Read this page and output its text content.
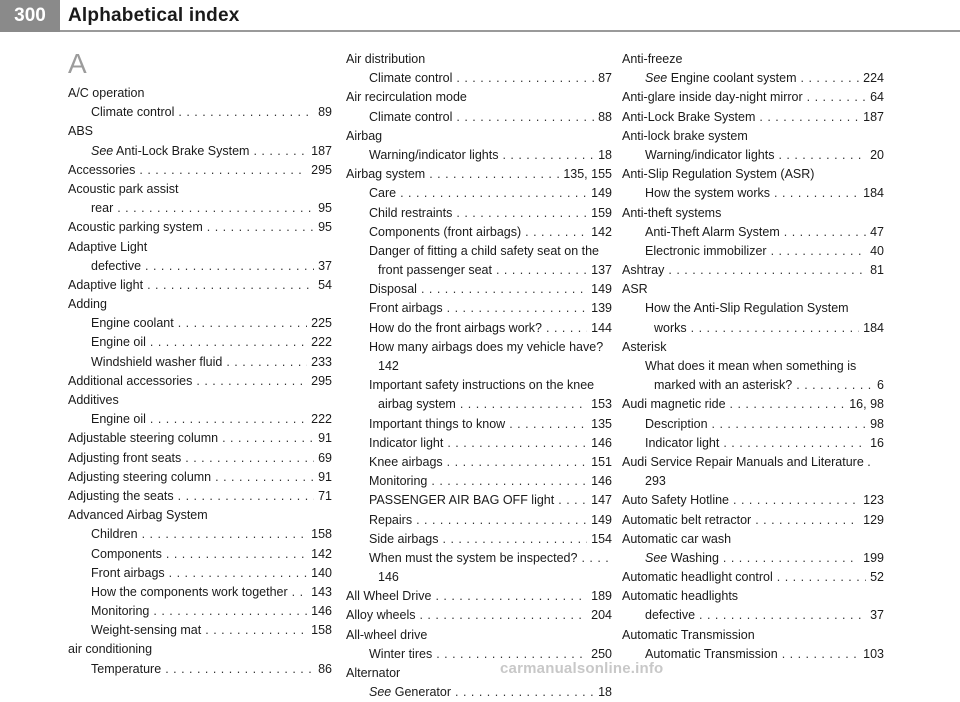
300 Alphabetical index
A
A/C operation
Climate control . . .	89
ABS
See Anti-Lock Brake System . . .	187
Accessories . . .	295
Acoustic park assist
rear . . .	95
Acoustic parking system . . .	95
Adaptive Light
defective . . .	37
Adaptive light . . .	54
Adding
Engine coolant . . .	225
Engine oil . . .	222
Windshield washer fluid . . .	233
Additional accessories . . .	295
Additives
Engine oil . . .	222
Adjustable steering column . . .	91
Adjusting front seats . . .	69
Adjusting steering column . . .	91
Adjusting the seats . . .	71
Advanced Airbag System
Children . . .	158
Components . . .	142
Front airbags . . .	140
How the components work together . . . 143
Monitoring . . .	146
Weight-sensing mat . . .	158
air conditioning
Temperature . . .	86
Air distribution
Climate control . . .	87
Air recirculation mode
Climate control . . .	88
Airbag
Warning/indicator lights . . .	18
Airbag system . . .	135, 155
Care . . .	149
Child restraints . . .	159
Components (front airbags) . . .	142
Danger of fitting a child safety seat on the
front passenger seat . . .	137
Disposal . . .	149
Front airbags . . .	139
How do the front airbags work? . . .	144
How many airbags does my vehicle have?
142
Important safety instructions on the knee
airbag system . . .	153
Important things to know . . .	135
Indicator light . . .	146
Knee airbags . . .	151
Monitoring . . .	146
PASSENGER AIR BAG OFF light . . .	147
Repairs . . .	149
Side airbags . . .	154
When must the system be inspected?
. . .
146
All Wheel Drive . . .	189
Alloy wheels . . .	204
All-wheel drive
Winter tires . . .	250
Alternator
See Generator . . .	18
Anti-freeze
See Engine coolant system . . .	224
Anti-glare inside day-night mirror . . .	64
Anti-Lock Brake System . . .	187
Anti-lock brake system
Warning/indicator lights . . .	20
Anti-Slip Regulation System (ASR)
How the system works . . .	184
Anti-theft systems
Anti-Theft Alarm System . . .	47
Electronic immobilizer . . .	40
Ashtray . . .	81
ASR
How the Anti-Slip Regulation System
works . . .	184
Asterisk
What does it mean when something is
marked with an asterisk? . . .	6
Audi magnetic ride . . .	16, 98
Description . . .	98
Indicator light . . .	16
Audi Service Repair Manuals and Literature .
293
Auto Safety Hotline . . .	123
Automatic belt retractor . . .	129
Automatic car wash
See Washing . . .	199
Automatic headlight control . . .	52
Automatic headlights
defective . . .	37
Automatic Transmission
Automatic Transmission . . .	103
carmanualsonline.info
